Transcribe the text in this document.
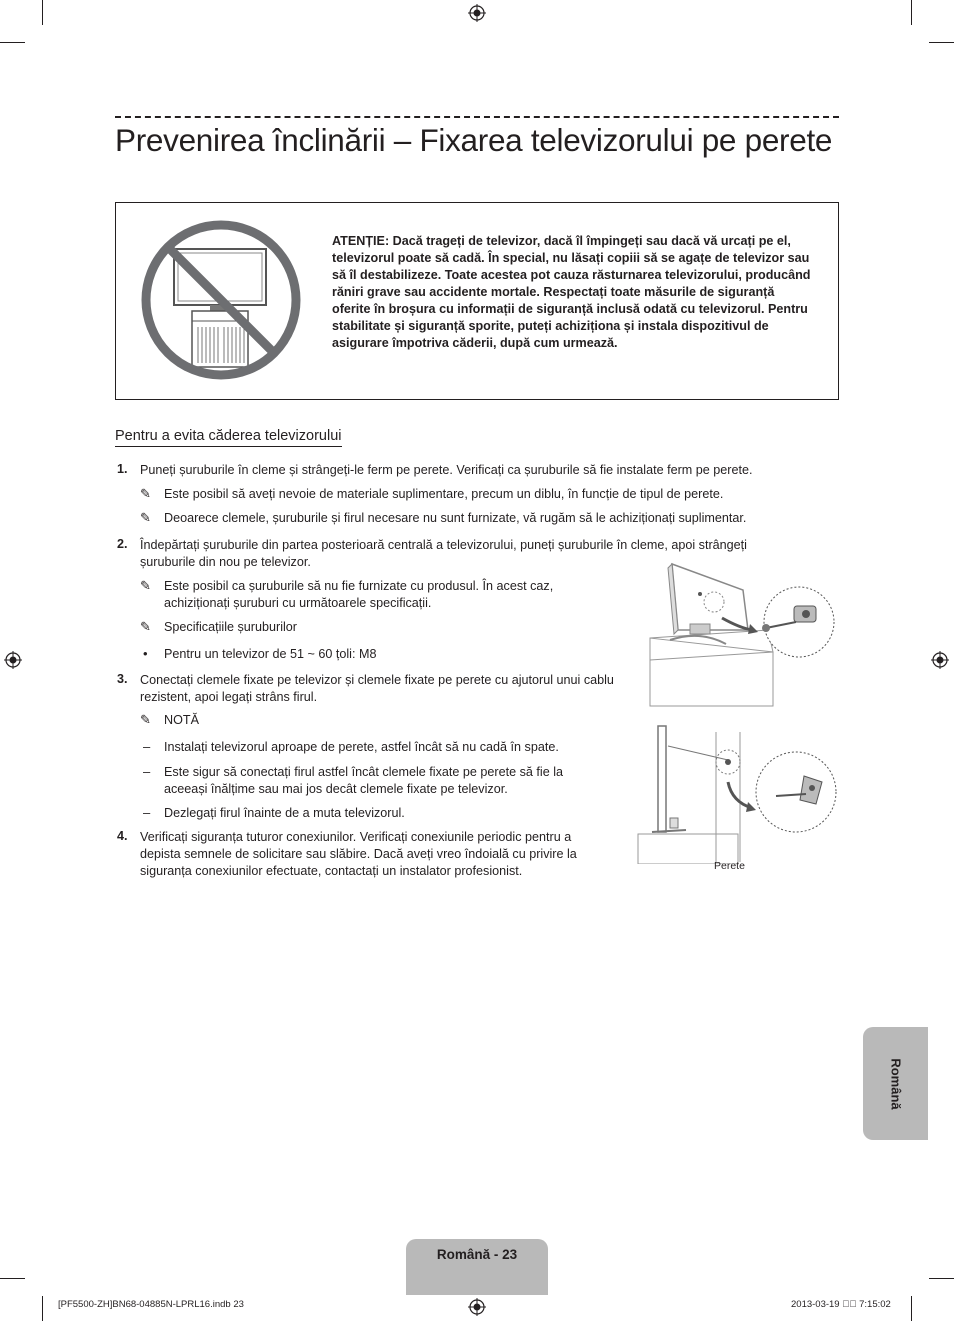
Prevenirea înclinării – Fixarea televizorului pe perete
ATENȚIE: Dacă trageți de televizor, dacă îl împingeți sau dacă vă urcați pe el, televizorul poate să cadă. În special, nu lăsați copiii să se agațe de televizor sau să îl destabilizeze. Toate acestea pot cauza răsturnarea televizorului, producând răniri grave sau accidente mortale. Respectați toate măsurile de siguranță oferite în broșura cu informații de siguranță inclusă odată cu televizorul. Pentru stabilitate și siguranță sporite, puteți achiziționa și instala dispozitivul de asigurare împotriva căderii, după cum urmează.
Pentru a evita căderea televizorului
1. Puneți șuruburile în cleme și strângeți-le ferm pe perete. Verificați ca șuruburile să fie instalate ferm pe perete.
✎ Este posibil să aveți nevoie de materiale suplimentare, precum un diblu, în funcție de tipul de perete.
✎ Deoarece clemele, șuruburile și firul necesare nu sunt furnizate, vă rugăm să le achiziționați suplimentar.
2. Îndepărtați șuruburile din partea posterioară centrală a televizorului, puneți șuruburile în cleme, apoi strângeți șuruburile din nou pe televizor.
✎ Este posibil ca șuruburile să nu fie furnizate cu produsul. În acest caz, achiziționați șuruburi cu următoarele specificații.
✎ Specificațiile șuruburilor
• Pentru un televizor de 51 ~ 60 țoli: M8
3. Conectați clemele fixate pe televizor și clemele fixate pe perete cu ajutorul unui cablu rezistent, apoi legați strâns firul.
✎ NOTĂ
– Instalați televizorul aproape de perete, astfel încât să nu cadă în spate.
– Este sigur să conectați firul astfel încât clemele fixate pe perete să fie la aceeași înălțime sau mai jos decât clemele fixate pe televizor.
– Dezlegați firul înainte de a muta televizorul.
4. Verificați siguranța tuturor conexiunilor. Verificați conexiunile periodic pentru a depista semnele de solicitare sau slăbire. Dacă aveți vreo îndoială cu privire la siguranța conexiunilor efectuate, contactați un instalator profesionist.	Perete
Română
Română - 23
[PF5500-ZH]BN68-04885N-LPRL16.indb 23	2013-03-19 ￿￿ 7:15:02
